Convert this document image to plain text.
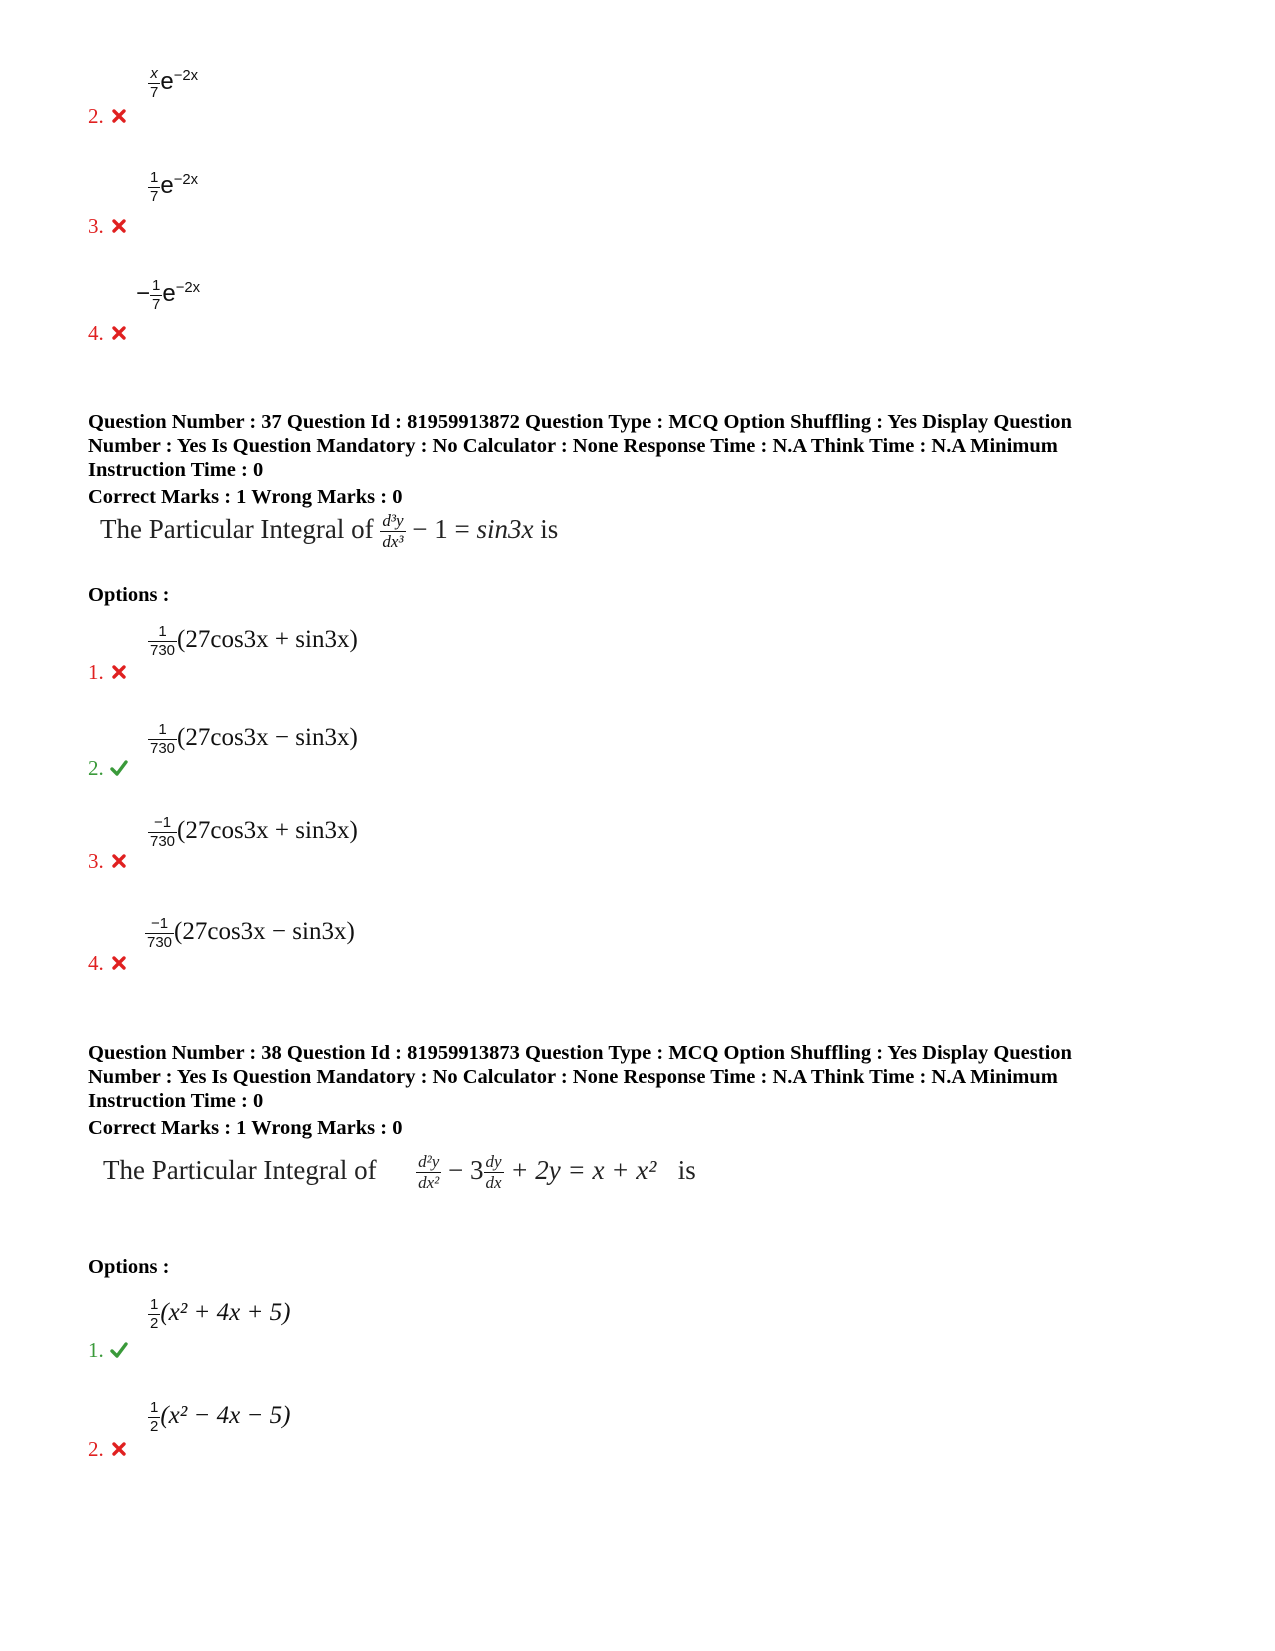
$\frac{x}{7} e^{-2x}$
2.
$\frac{1}{7} e^{-2x}$
3.
− $\frac{1}{7} e^{-2x}$
4.
Question Number : 37 Question Id : 81959913872 Question Type : MCQ Option Shuffling : Yes Display Question Number : Yes Is Question Mandatory : No Calculator : None Response Time : N.A Think Time : N.A Minimum Instruction Time : 0
Correct Marks : 1 Wrong Marks : 0
The Particular Integral of $\frac{\text{d³y}}{\text{dx³}} - 1 = \sin 3x$ is
Options :
$\frac{1}{730} (27\cos 3x + \sin 3x)$
1.
$\frac{1}{730} (27\cos 3x - \sin 3x)$
2.
$\frac{-1}{730} (27\cos 3x + \sin 3x)$
3.
$\frac{-1}{730} (27\cos 3x - \sin 3x)$
4.
Question Number : 38 Question Id : 81959913873 Question Type : MCQ Option Shuffling : Yes Display Question Number : Yes Is Question Mandatory : No Calculator : None Response Time : N.A Think Time : N.A Minimum Instruction Time : 0
Correct Marks : 1 Wrong Marks : 0
The Particular Integral of $\frac{\text{d²y}}{\text{dx²}} - 3 \frac{dy}{dx} + 2y = x + x^2$ is
Options :
$\frac{1}{2} (x^2 + 4x + 5)$
1.
$\frac{1}{2} (x^2 - 4x - 5)$
2.
